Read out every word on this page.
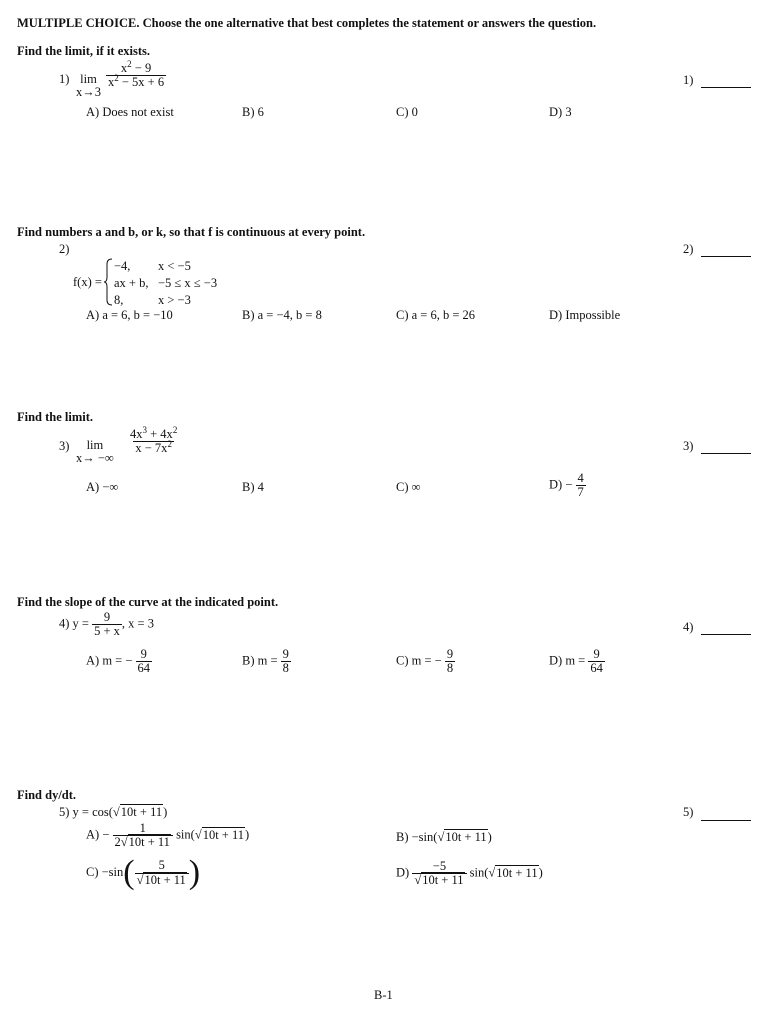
MULTIPLE CHOICE. Choose the one alternative that best completes the statement or answers the question.
Find the limit, if it exists.
1) lim
x→3
$\frac{x^2 - 9}{x^2 - 5x + 6}$
A) Does not exist	B) 6	C) 0	D) 3
1)
Find numbers a and b, or k, so that f is continuous at every point.
2)
f(x) =
−4, x < −5
ax + b, −5 ≤ x ≤ −3
8,	x > −3
A) a = 6, b = −10	B) a = −4, b = 8	C) a = 6, b = 26	D) Impossible
2)
Find the limit.
3)	lim
x→ −∞
$\frac{4x^3 + 4x^2}{x - 7x^2}$
A) −∞	B) 4	C) ∞	$D) - \frac{4}{7}$
3)
Find the slope of the curve at the indicated point.
4) $y = \frac{9}{5 + x}$ , x = 3
A) m = − $\frac{9}{64}$	B) $m = \frac{9}{8}$	C) m = − $\frac{9}{8}$	D) $m = \frac{9}{64}$
4)
Find dy/dt.
5) y = cos(√10t + 11)
$A) - \frac{1}{2√10t + 11} \sin(√10t + 11)$	B) −sin(√10t + 11)
$C) -\sin( \frac{5}{√10t + 11}$ )	$D) \frac{-5}{√10t + 11} \sin(√10t + 11)$
5)
B-1
